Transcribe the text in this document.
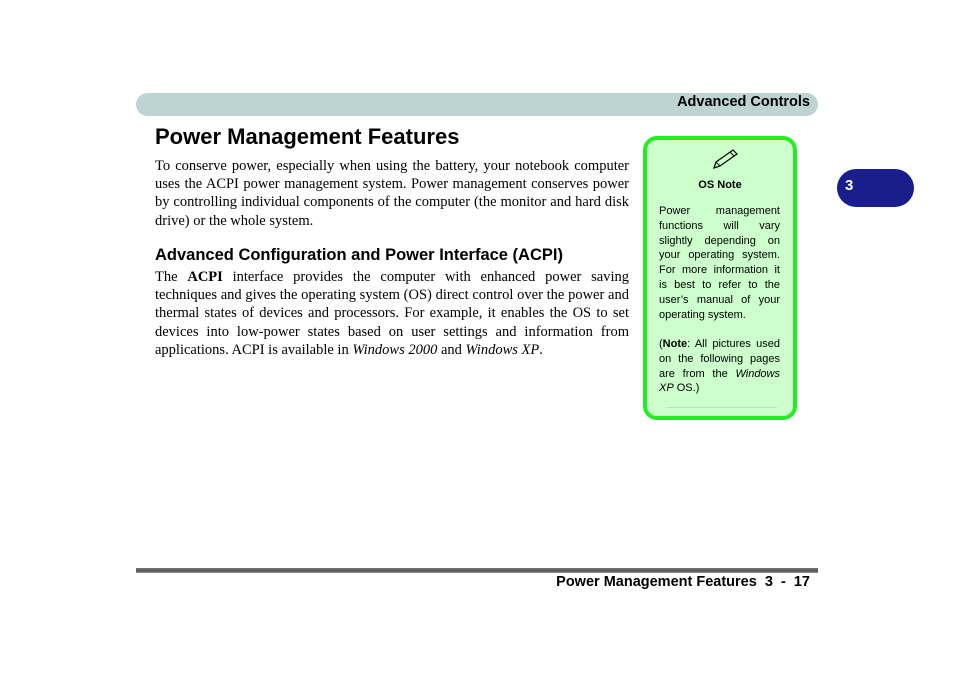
Advanced Controls
3
Power Management Features

To conserve power, especially when using the battery, your notebook computer uses the ACPI power management system. Power management conserves power by controlling individual components of the computer (the monitor and hard disk drive) or the whole system.

Advanced Configuration and Power Interface (ACPI)

The ACPI interface provides the computer with enhanced power saving techniques and gives the operating system (OS) direct control over the power and thermal states of devices and processors. For example, it enables the OS to set devices into low-power states based on user settings and information from applications. ACPI is available in Windows 2000 and Windows XP.

OS Note

Power management functions will vary slightly depending on your operating system. For more information it is best to refer to the user’s manual of your operating system.

(Note: All pictures used on the following pages are from the Windows XP OS.)

Power Management Features  3  -  17
